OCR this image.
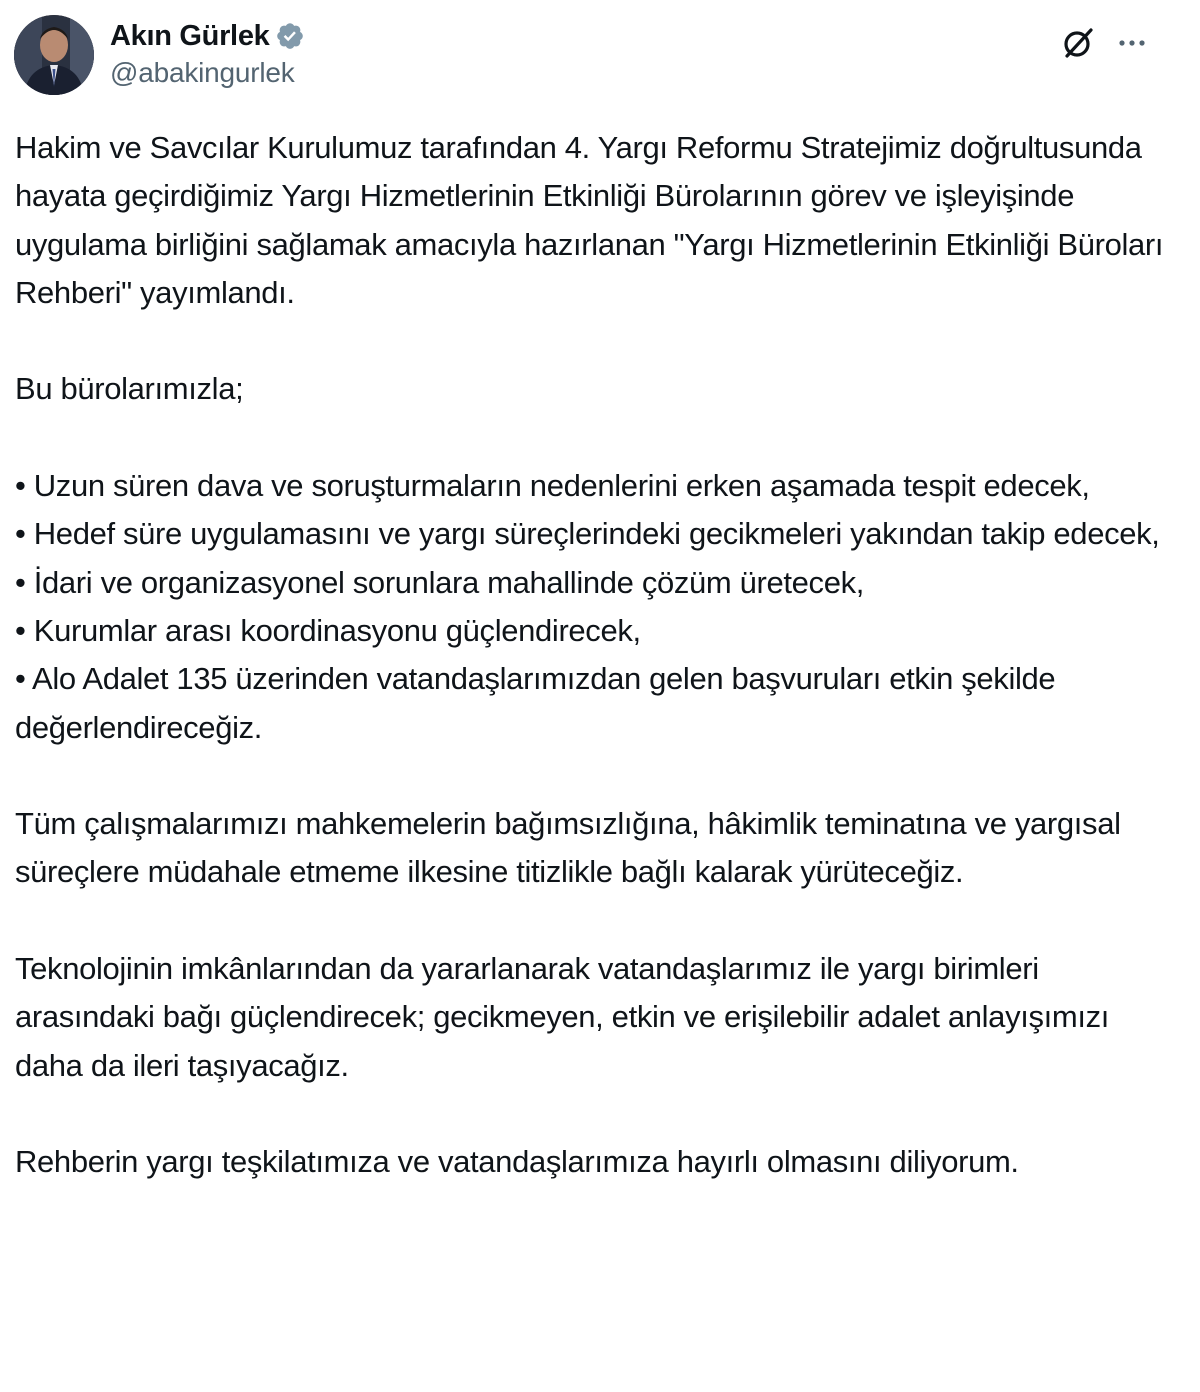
Akın Gürlek
@abakingurlek

Hakim ve Savcılar Kurulumuz tarafından 4. Yargı Reformu Stratejimiz doğrultusunda hayata geçirdiğimiz Yargı Hizmetlerinin Etkinliği Bürolarının görev ve işleyişinde uygulama birliğini sağlamak amacıyla hazırlanan "Yargı Hizmetlerinin Etkinliği Büroları Rehberi" yayımlandı.

Bu bürolarımızla;

• Uzun süren dava ve soruşturmaların nedenlerini erken aşamada tespit edecek,

• Hedef süre uygulamasını ve yargı süreçlerindeki gecikmeleri yakından takip edecek,

• İdari ve organizasyonel sorunlara mahallinde çözüm üretecek,

• Kurumlar arası koordinasyonu güçlendirecek,

• Alo Adalet 135 üzerinden vatandaşlarımızdan gelen başvuruları etkin şekilde değerlendireceğiz.

Tüm çalışmalarımızı mahkemelerin bağımsızlığına, hâkimlik teminatına ve yargısal süreçlere müdahale etmeme ilkesine titizlikle bağlı kalarak yürüteceğiz.

Teknolojinin imkânlarından da yararlanarak vatandaşlarımız ile yargı birimleri arasındaki bağı güçlendirecek; gecikmeyen, etkin ve erişilebilir adalet anlayışımızı daha da ileri taşıyacağız.

Rehberin yargı teşkilatımıza ve vatandaşlarımıza hayırlı olmasını diliyorum.
